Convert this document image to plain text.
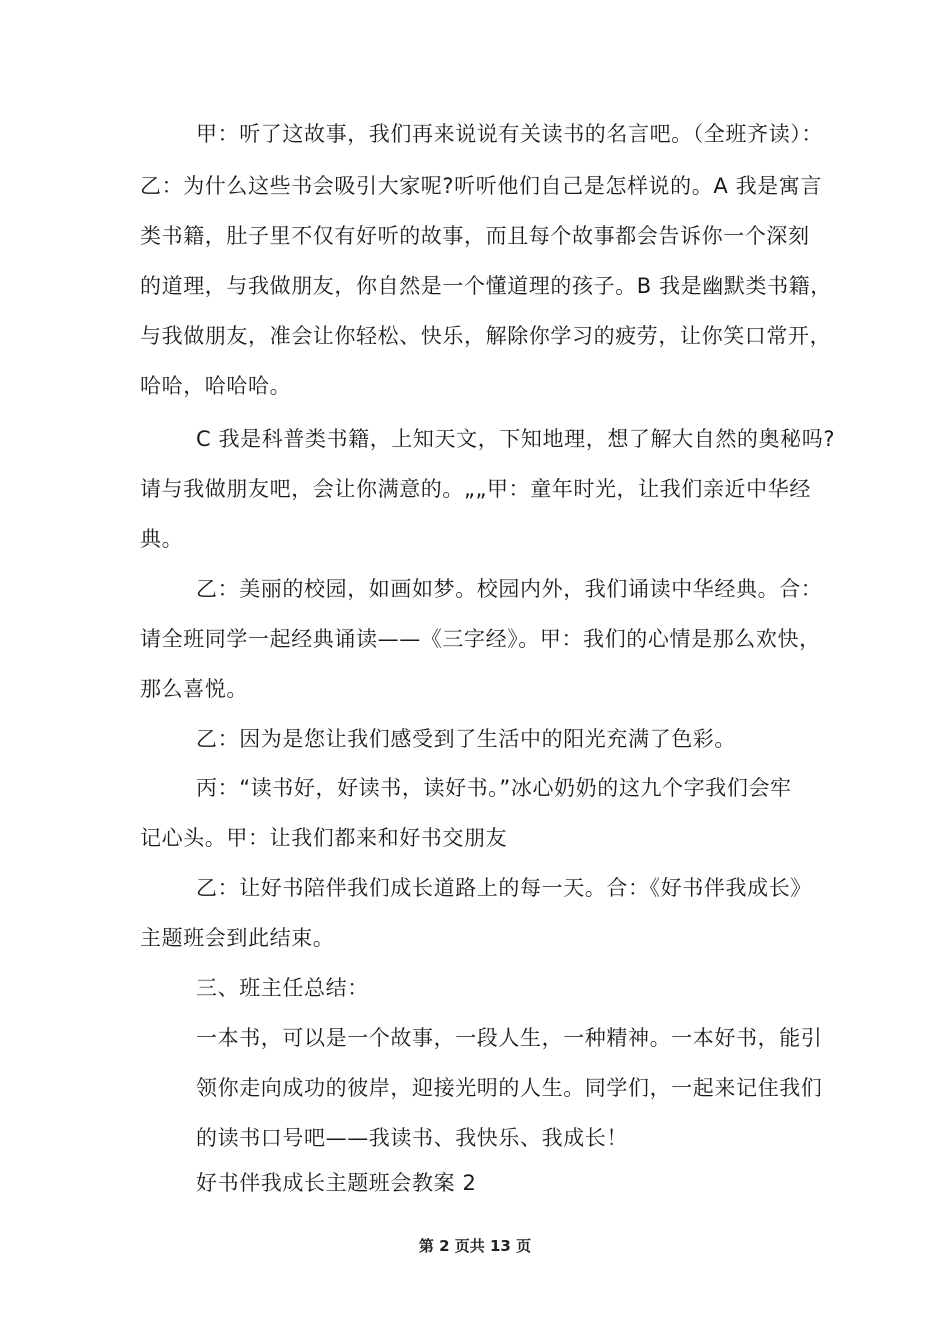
甲：听了这故事，我们再来说说有关读书的名言吧。（全班齐读）：
乙：为什么这些书会吸引大家呢?听听他们自己是怎样说的。A 我是寓言
类书籍，肚子里不仅有好听的故事，而且每个故事都会告诉你一个深刻
的道理，与我做朋友，你自然是一个懂道理的孩子。B 我是幽默类书籍，
与我做朋友，准会让你轻松、快乐，解除你学习的疲劳，让你笑口常开，
哈哈，哈哈哈。
C 我是科普类书籍，上知天文，下知地理，想了解大自然的奥秘吗?
请与我做朋友吧，会让你满意的。„„甲：童年时光，让我们亲近中华经
典。
乙：美丽的校园，如画如梦。校园内外，我们诵读中华经典。合：
请全班同学一起经典诵读——《三字经》。甲：我们的心情是那么欢快，
那么喜悦。
乙：因为是您让我们感受到了生活中的阳光充满了色彩。
丙：“读书好，好读书，读好书。”冰心奶奶的这九个字我们会牢
记心头。甲：让我们都来和好书交朋友
乙：让好书陪伴我们成长道路上的每一天。合：《好书伴我成长》
主题班会到此结束。
三、班主任总结：
一本书，可以是一个故事，一段人生，一种精神。一本好书，能引
领你走向成功的彼岸，迎接光明的人生。同学们，一起来记住我们
的读书口号吧——我读书、我快乐、我成长！
好书伴我成长主题班会教案 2
第 2 页共 13 页
